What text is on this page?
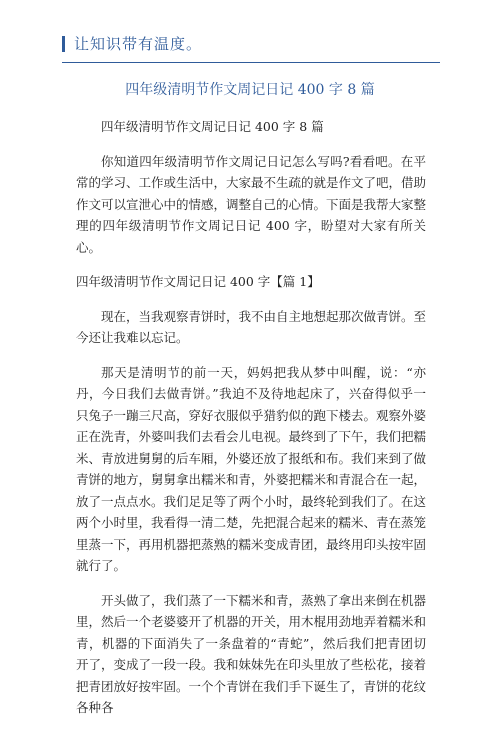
让知识带有温度。
四年级清明节作文周记日记 400 字 8 篇

四年级清明节作文周记日记 400 字 8 篇

你知道四年级清明节作文周记日记怎么写吗?看看吧。在平常的学习、工作或生活中，大家最不生疏的就是作文了吧，借助作文可以宣泄心中的情感，调整自己的心情。下面是我帮大家整理的四年级清明节作文周记日记 400 字，盼望对大家有所关心。

四年级清明节作文周记日记 400 字【篇 1】

现在，当我观察青饼时，我不由自主地想起那次做青饼。至今还让我难以忘记。

那天是清明节的前一天，妈妈把我从梦中叫醒，说：“亦丹，今日我们去做青饼。”我迫不及待地起床了，兴奋得似乎一只兔子一蹦三尺高，穿好衣服似乎猎豹似的跑下楼去。观察外婆正在洗青，外婆叫我们去看会儿电视。最终到了下午，我们把糯米、青放进舅舅的后车厢，外婆还放了报纸和布。我们来到了做青饼的地方，舅舅拿出糯米和青，外婆把糯米和青混合在一起，放了一点点水。我们足足等了两个小时，最终轮到我们了。在这两个小时里，我看得一清二楚，先把混合起来的糯米、青在蒸笼里蒸一下，再用机器把蒸熟的糯米变成青团，最终用印头按牢固就行了。

开头做了，我们蒸了一下糯米和青，蒸熟了拿出来倒在机器里，然后一个老婆婆开了机器的开关，用木棍用劲地弄着糯米和青，机器的下面消失了一条盘着的“青蛇”，然后我们把青团切开了，变成了一段一段。我和妹妹先在印头里放了些松花，接着把青团放好按牢固。一个个青饼在我们手下诞生了，青饼的花纹各种各
